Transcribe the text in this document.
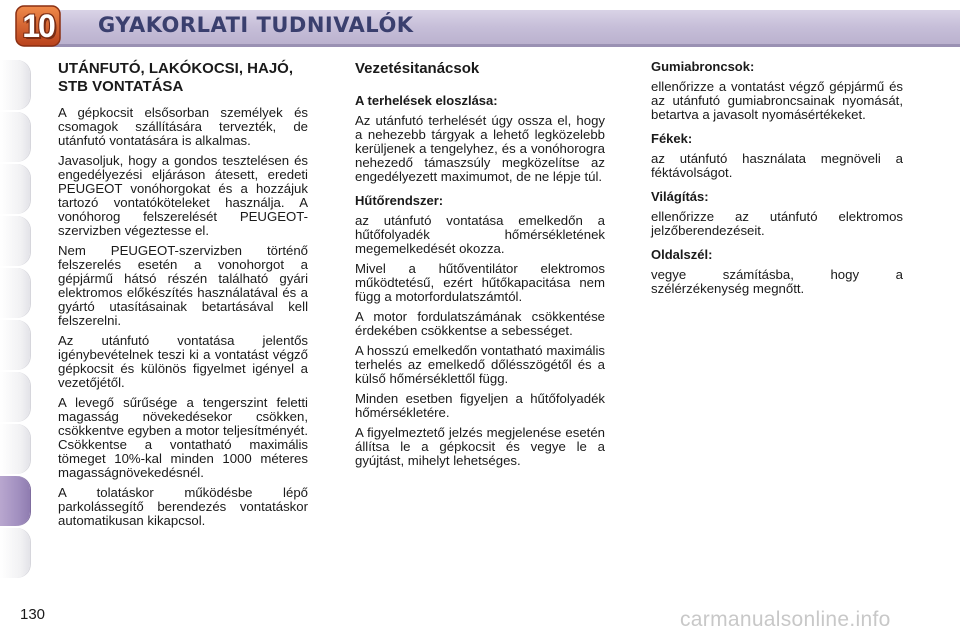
10 GYAKORLATI TUDNIVALÓK
UTÁNFUTÓ, LAKÓKOCSI, HAJÓ, STB VONTATÁSA

A gépkocsit elsősorban személyek és csomagok szállítására tervezték, de utánfutó vontatására is alkalmas.

Javasoljuk, hogy a gondos tesztelésen és engedélyezési eljáráson átesett, eredeti PEUGEOT vonóhorgokat és a hozzájuk tartozó vontatóköteleket használja. A vonóhorog felszerelését PEUGEOT-szervizben végeztesse el.

Nem PEUGEOT-szervizben történő felszerelés esetén a vonohorgot a gépjármű hátsó részén található gyári elektromos előkészítés használatával és a gyártó utasításainak betartásával kell felszerelni.

Az utánfutó vontatása jelentős igénybevételnek teszi ki a vontatást végző gépkocsit és különös figyelmet igényel a vezetőjétől.

A levegő sűrűsége a tengerszint feletti magasság növekedésekor csökken, csökkentve egyben a motor teljesítményét. Csökkentse a vontatható maximális tömeget 10%-kal minden 1000 méteres magasságnövekedésnél.

A tolatáskor működésbe lépő parkolássegítő berendezés vontatáskor automatikusan kikapcsol.

Vezetésitanácsok
A terhelések eloszlása:

Az utánfutó terhelését úgy ossza el, hogy a nehezebb tárgyak a lehető legközelebb kerüljenek a tengelyhez, és a vonóhorogra nehezedő támaszsúly megközelítse az engedélyezett maximumot, de ne lépje túl.

Hűtőrendszer:

az utánfutó vontatása emelkedőn a hűtőfolyadék hőmérsékletének megemelkedését okozza.

Mivel a hűtőventilátor elektromos működtetésű, ezért hűtőkapacitása nem függ a motorfordulatszámtól.

A motor fordulatszámának csökkentése érdekében csökkentse a sebességet.

A hosszú emelkedőn vontatható maximális terhelés az emelkedő dőlésszögétől és a külső hőmérséklettől függ.

Minden esetben figyeljen a hűtőfolyadék hőmérsékletére.

A figyelmeztető jelzés megjelenése esetén állítsa le a gépkocsit és vegye le a gyújtást, mihelyt lehetséges.

Gumiabroncsok:

ellenőrizze a vontatást végző gépjármű és az utánfutó gumiabroncsainak nyomását, betartva a javasolt nyomásértékeket.

Fékek:

az utánfutó használata megnöveli a féktávolságot.

Világítás:

ellenőrizze az utánfutó elektromos jelzőberendezéseit.

Oldalszél:

vegye számításba, hogy a szélérzékenység megnőtt.

130	carmanualsonline.info
